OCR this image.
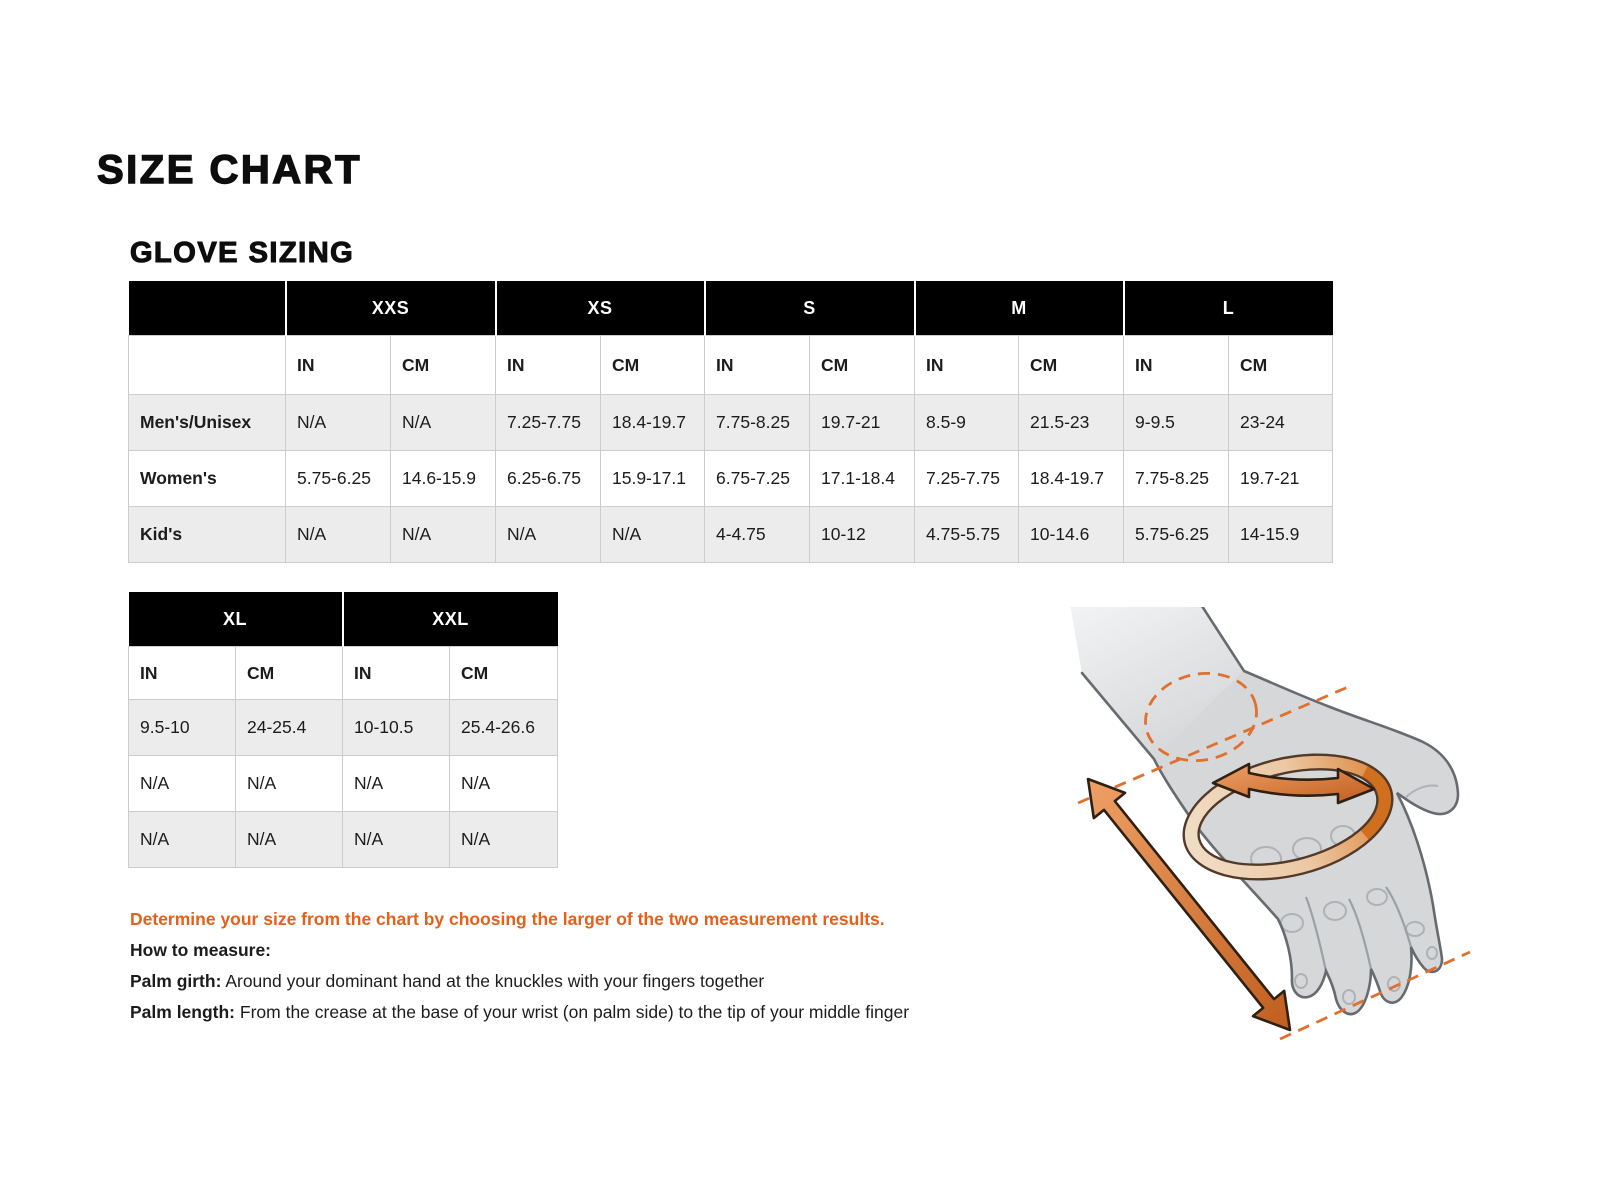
SIZE CHART
GLOVE SIZING
	XXS		XS		S		M		L	
	IN	CM	IN	CM	IN	CM	IN	CM	IN	CM
Men's/Unisex	N/A	N/A	7.25-7.75	18.4-19.7	7.75-8.25	19.7-21	8.5-9	21.5-23	9-9.5	23-24
Women's	5.75-6.25	14.6-15.9	6.25-6.75	15.9-17.1	6.75-7.25	17.1-18.4	7.25-7.75	18.4-19.7	7.75-8.25	19.7-21
Kid's	N/A	N/A	N/A	N/A	4-4.75	10-12	4.75-5.75	10-14.6	5.75-6.25	14-15.9
XL		XXL	
IN	CM	IN	CM
9.5-10	24-25.4	10-10.5	25.4-26.6
N/A	N/A	N/A	N/A
N/A	N/A	N/A	N/A

Determine your size from the chart by choosing the larger of the two measurement results.

How to measure:

Palm girth: Around your dominant hand at the knuckles with your fingers together

Palm length: From the crease at the base of your wrist (on palm side) to the tip of your middle finger
